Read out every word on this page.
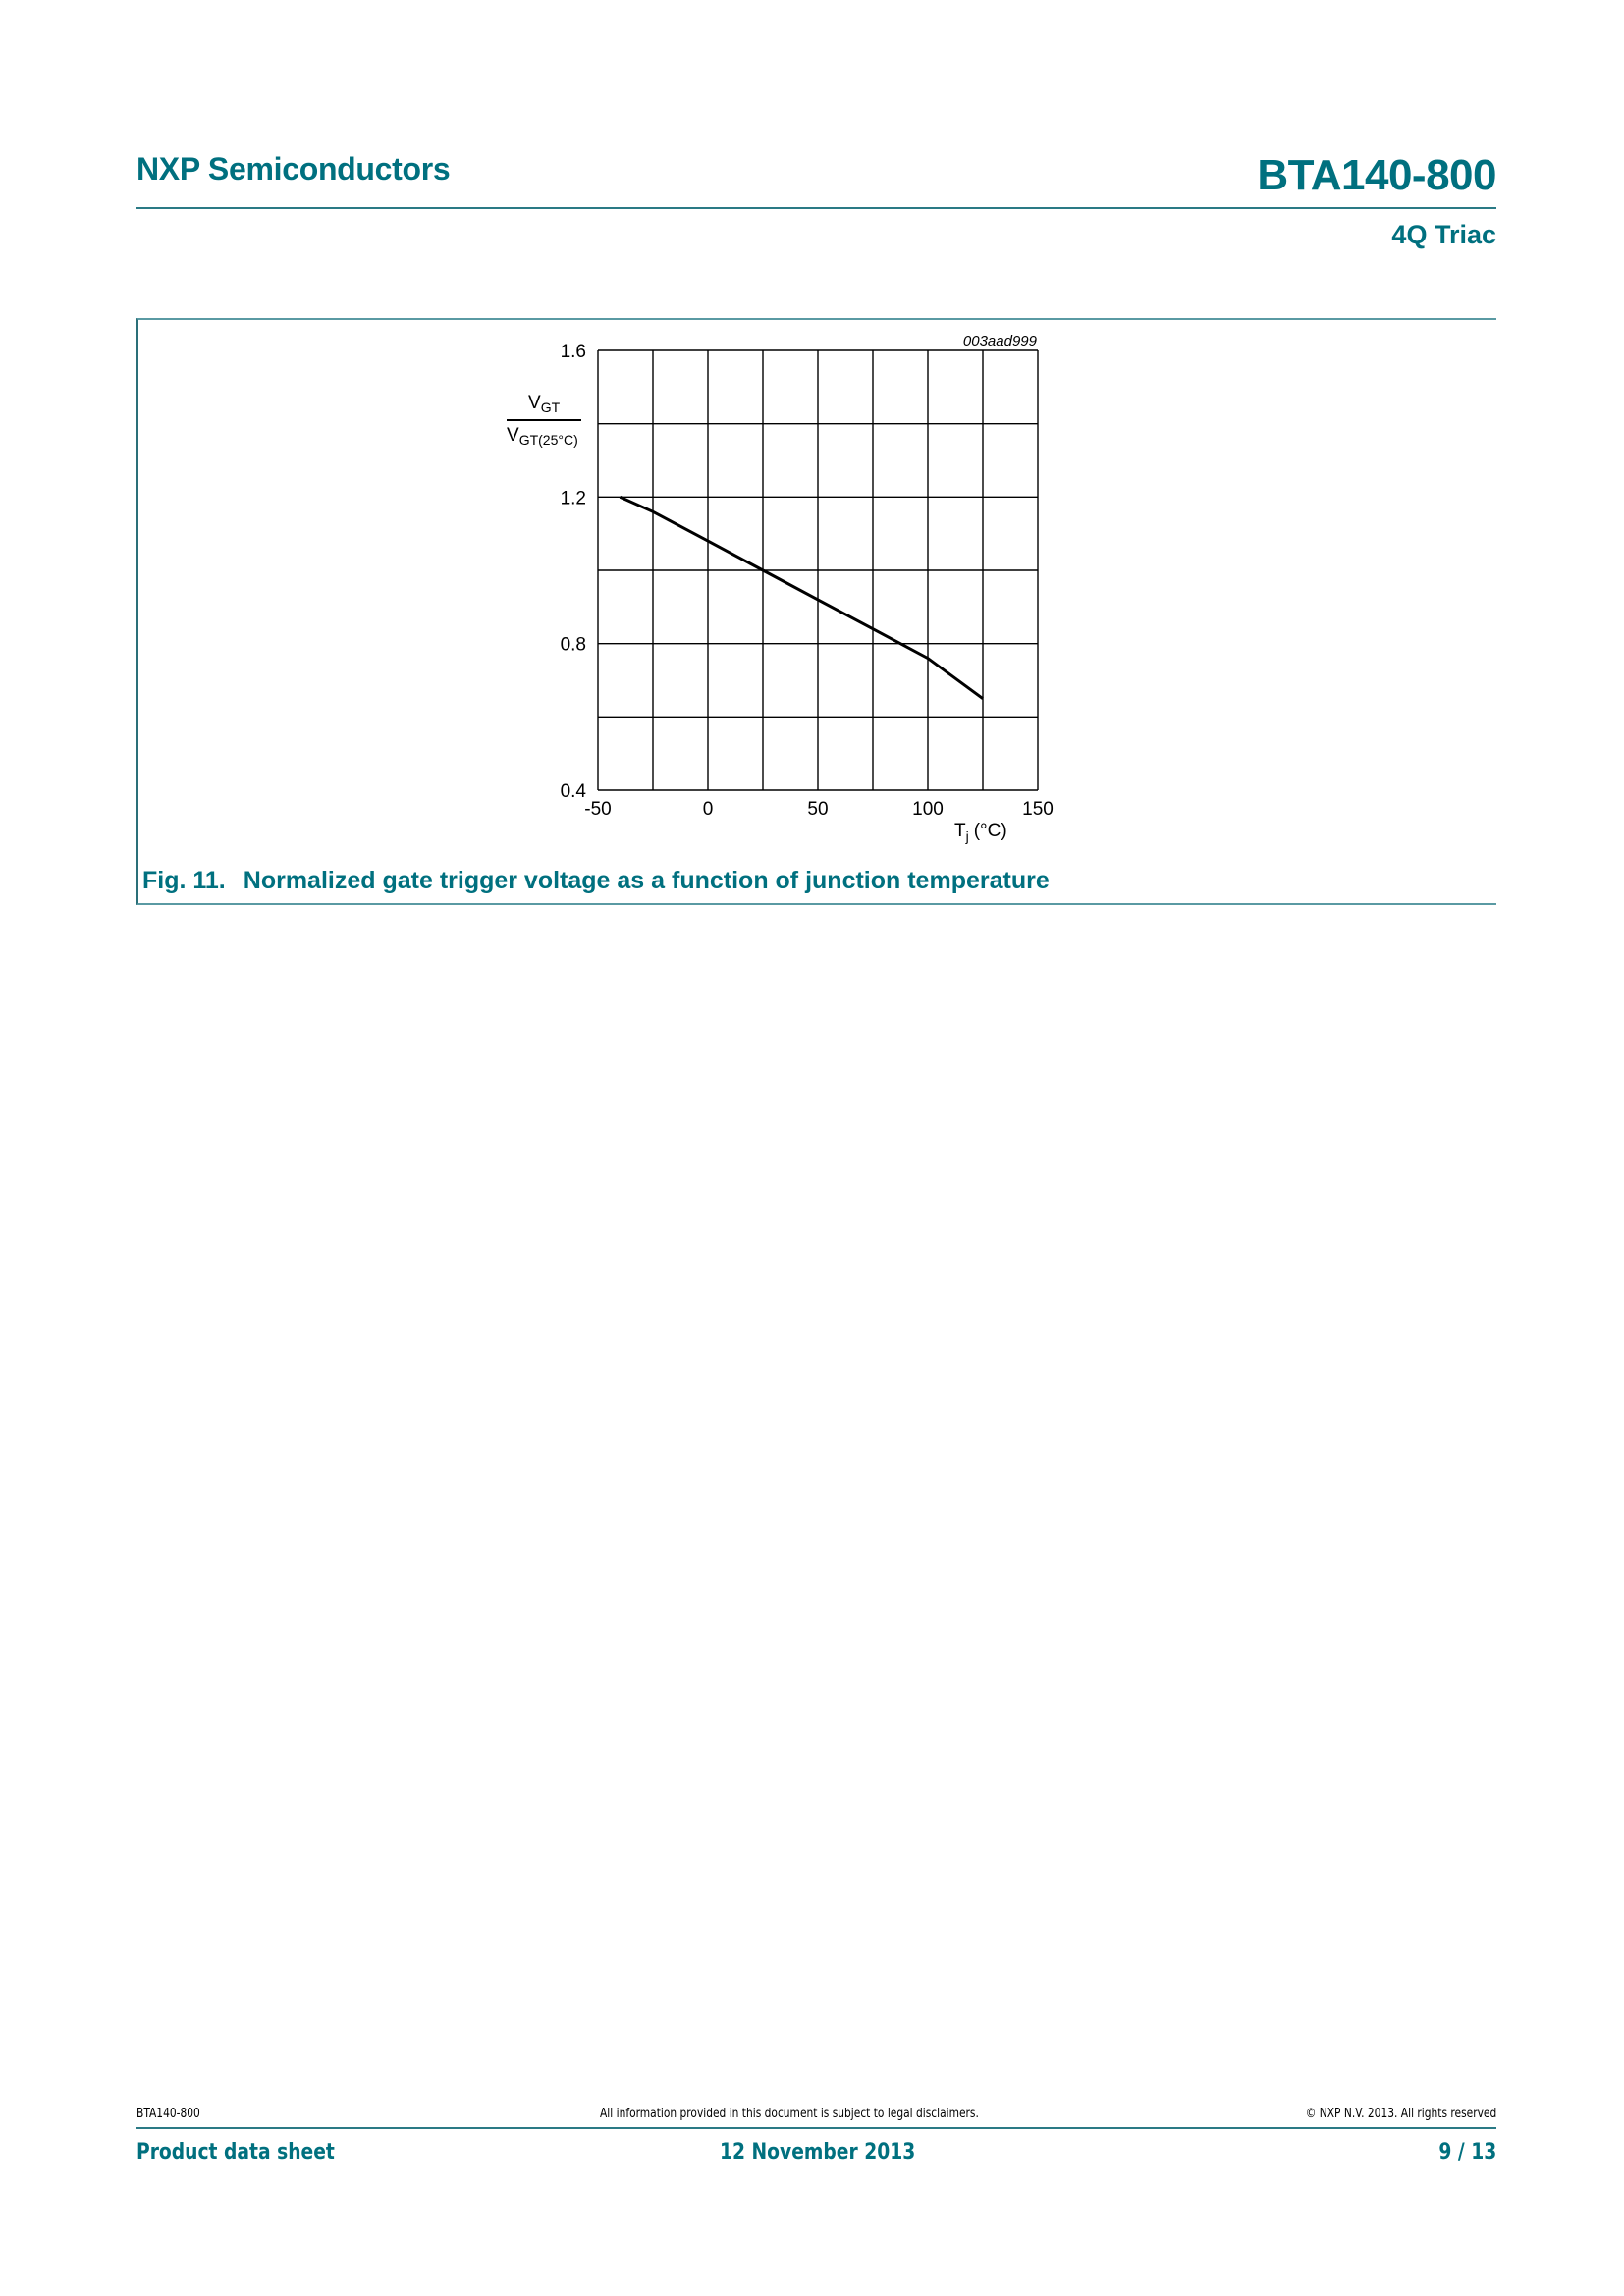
NXP Semiconductors	BTA140-800
4Q Triac
0.4
0.8
1.2
1.6
-50	0	50	100	150
003aad999
$V_{GT}$
$V_{GT(25^\circ C)}$
$T_j$ (°C)
Fig. 11. Normalized gate trigger voltage as a function of junction temperature
BTA140-800	All information provided in this document is subject to legal disclaimers.	© NXP N.V. 2013. All rights reserved
Product data sheet	12 November 2013	9 / 13
